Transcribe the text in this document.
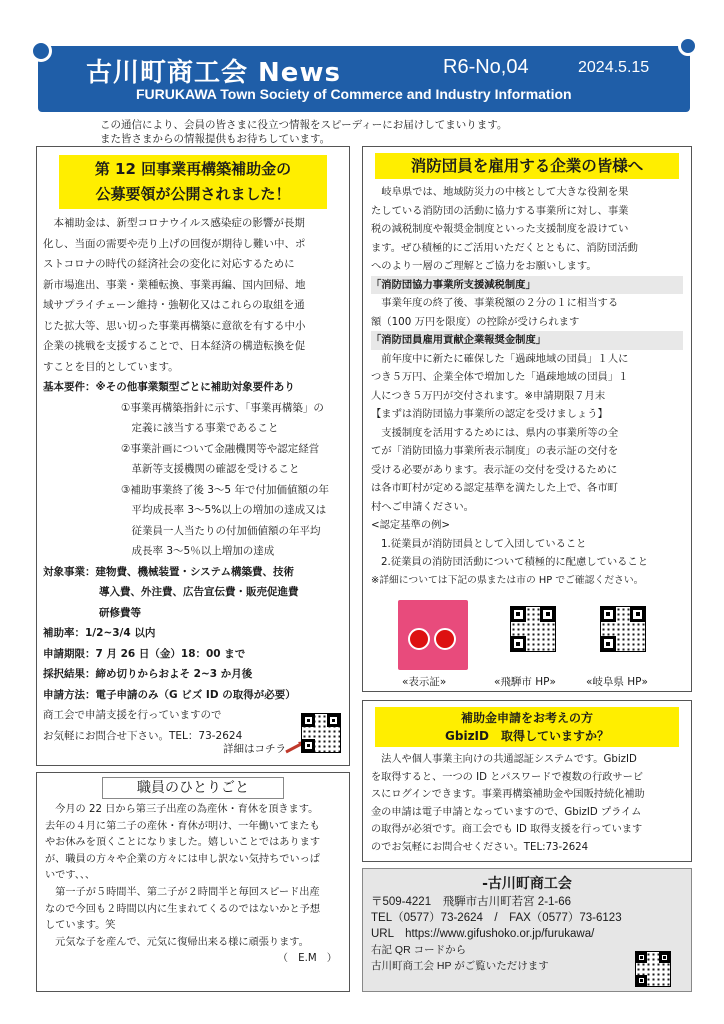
古川町商工会 News	R6-No,04	2024.5.15
FURUKAWA Town Society of Commerce and Industry Information
この通信により、会員の皆さまに役立つ情報をスピーディーにお届けしてまいります。
また皆さまからの情報提供もお待ちしています。
第 12 回事業再構築補助金の
公募要領が公開されました！
　本補助金は、新型コロナウイルス感染症の影響が長期
化し、当面の需要や売り上げの回復が期待し難い中、ポ
ストコロナの時代の経済社会の変化に対応するために
新市場進出、事業・業種転換、事業再編、国内回帰、地
域サプライチェーン維持・強靭化又はこれらの取組を通
じた拡大等、思い切った事業再構築に意欲を有する中小
企業の挑戦を支援することで、日本経済の構造転換を促
すことを目的としています。
基本要件：※その他事業類型ごとに補助対象要件あり
①事業再構築指針に示す、「事業再構築」の
　定義に該当する事業であること
②事業計画について金融機関等や認定経営
　革新等支援機関の確認を受けること
③補助事業終了後 3～5 年で付加価値額の年
　平均成長率 3～5%以上の増加の達成又は
　従業員一人当たりの付加価値額の年平均
　成長率 3～5％以上増加の達成
対象事業：建物費、機械装置・システム構築費、技術
導入費、外注費、広告宣伝費・販売促進費
研修費等
補助率：1/2~3/4 以内
申請期限：7 月 26 日（金）18：00 まで
採択結果：締め切りからおよそ 2~3 か月後
申請方法：電子申請のみ（G ビズ ID の取得が必要）
商工会で申請支援を行っていますので
お気軽にお問合せ下さい。TEL：73-2624
詳細はコチラ
職員のひとりごと
　今月の 22 日から第三子出産の為産休・育休を頂きます。
去年の４月に第二子の産休・育休が明け、一年働いてまたも
やお休みを頂くことになりました。嬉しいことではあります
が、職員の方々や企業の方々には申し訳ない気持ちでいっぱ
いです、、、
　第一子が５時間半、第二子が２時間半と毎回スピード出産
なので今回も２時間以内に生まれてくるのではないかと予想
しています。笑
　元気な子を産んで、元気に復帰出来る様に頑張ります。
（　E.M　）
消防団員を雇用する企業の皆様へ
　岐阜県では、地域防災力の中核として大きな役割を果
たしている消防団の活動に協力する事業所に対し、事業
税の減税制度や報奨金制度といった支援制度を設けてい
ます。ぜひ積極的にご活用いただくとともに、消防団活動
へのより一層のご理解とご協力をお願いします。
「消防団協力事業所支援減税制度」
　事業年度の終了後、事業税額の２分の１に相当する
額（100 万円を限度）の控除が受けられます
「消防団員雇用貢献企業報奨金制度」
　前年度中に新たに確保した「過疎地域の団員」１人に
つき５万円、企業全体で増加した「過疎地域の団員」１
人につき５万円が交付されます。※申請期限７月末
【まずは消防団協力事業所の認定を受けましょう】
　支援制度を活用するためには、県内の事業所等の全
てが「消防団協力事業所表示制度」の表示証の交付を
受ける必要があります。表示証の交付を受けるために
は各市町村が定める認定基準を満たした上で、各市町
村へご申請ください。
<認定基準の例>
1.従業員が消防団員として入団していること
2.従業員の消防団活動について積極的に配慮していること
※詳細については下記の県または市の HP でご確認ください。
«表示証»	«飛騨市 HP»	«岐阜県 HP»
補助金申請をお考えの方
GbizID　取得していますか？
　法人や個人事業主向けの共通認証システムです。GbizID
を取得すると、一つの ID とパスワードで複数の行政サービ
スにログインできます。事業再構築補助金や国販持続化補助
金の申請は電子申請となっていますので、GbizID プライム
の取得が必須です。商工会でも ID 取得支援を行っています
のでお気軽にお問合せください。TEL:73-2624
-古川町商工会
〒509-4221　飛騨市古川町若宮 2-1-66
TEL（0577）73-2624　/　FAX（0577）73-6123
URL　https://www.gifushoko.or.jp/furukawa/
右記 QR コードから
古川町商工会 HP がご覧いただけます
